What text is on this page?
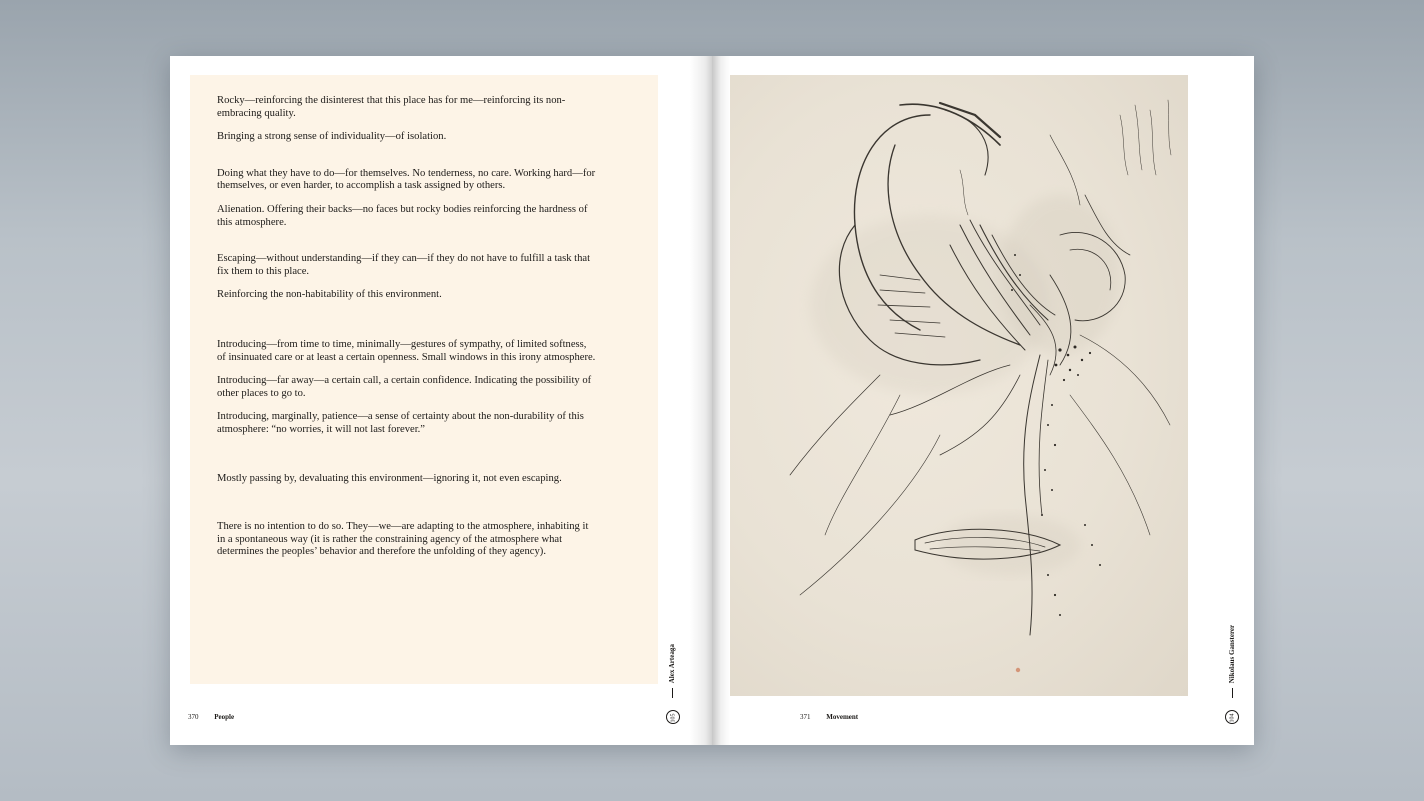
Rocky—reinforcing the disinterest that this place has for me—reinforcing its non-embracing quality.

Bringing a strong sense of individuality—of isolation.

Doing what they have to do—for themselves. No tenderness, no care. Working hard—for themselves, or even harder, to accomplish a task assigned by others.

Alienation. Offering their backs—no faces but rocky bodies reinforcing the hardness of this atmosphere.

Escaping—without understanding—if they can—if they do not have to fulfill a task that fix them to this place.

Reinforcing the non-habitability of this environment.

Introducing—from time to time, minimally—gestures of sympathy, of limited softness, of insinuated care or at least a certain openness. Small windows in this irony atmosphere.

Introducing—far away—a certain call, a certain confidence. Indicating the possibility of other places to go to.

Introducing, marginally, patience—a sense of certainty about the non-durability of this atmosphere: “no worries, it will not last forever.”

Mostly passing by, devaluating this environment—ignoring it, not even escaping.

There is no intention to do so. They—we—are adapting to the atmosphere, inhabiting it in a spontaneous way (it is rather the constraining agency of the atmosphere what determines the peoples’ behavior and therefore the unfolding of they agency).

370 People
Alex Arteaga
105	371 Movement
Nikolaus Gansterer
104
